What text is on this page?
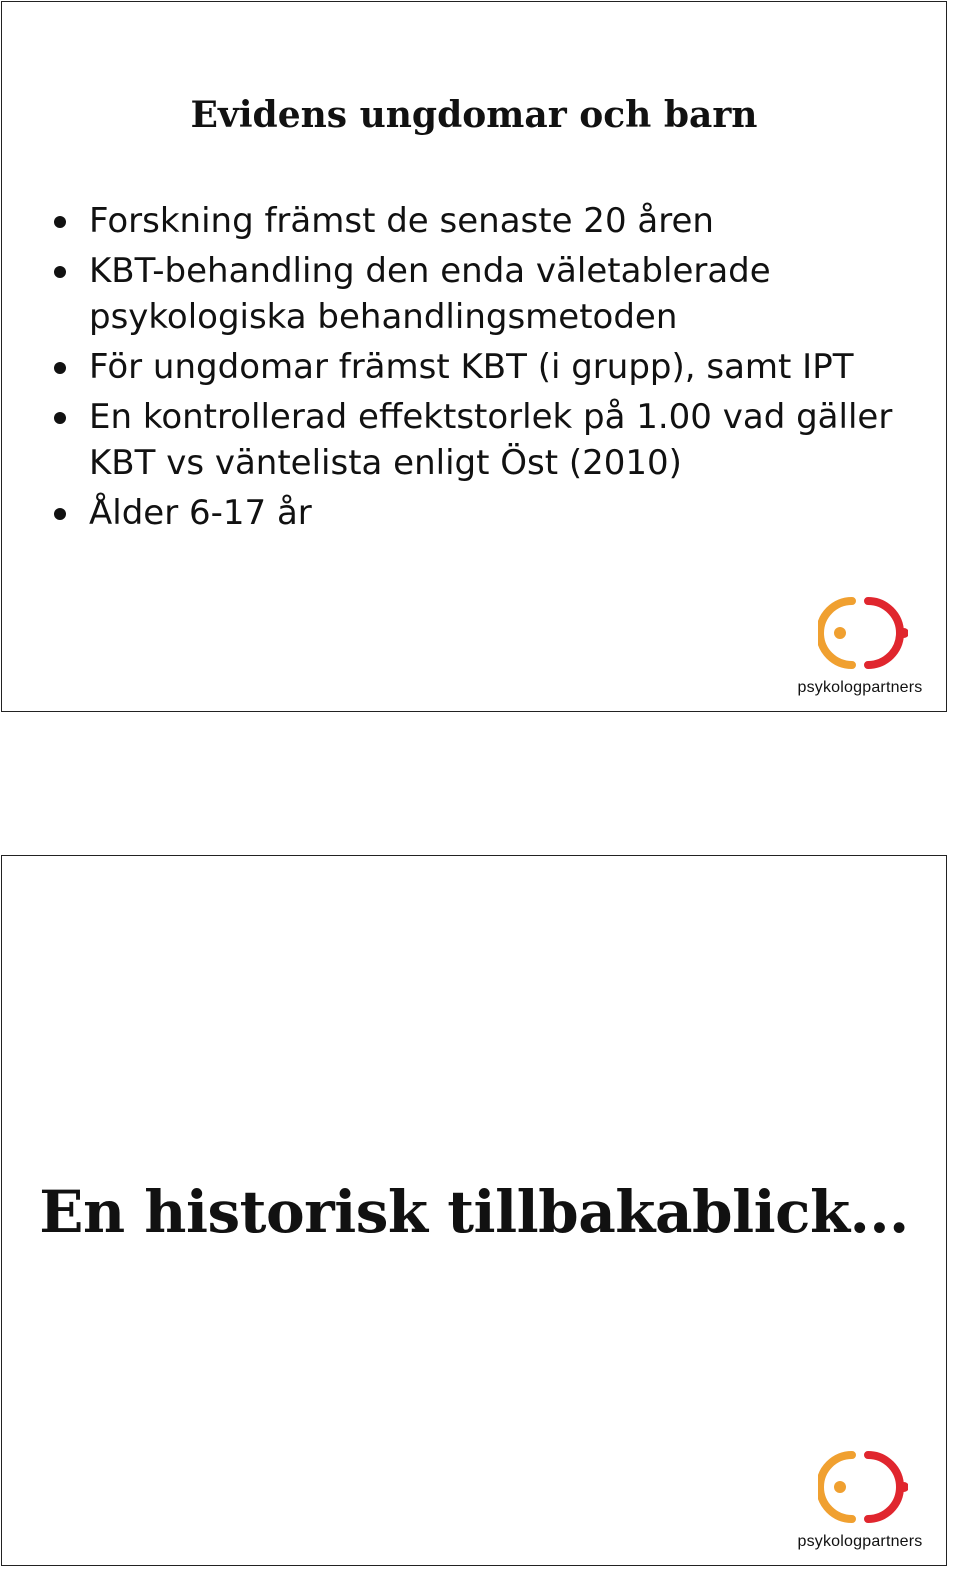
Evidens ungdomar och barn
Forskning främst de senaste 20 åren
KBT-behandling den enda väletablerade psykologiska behandlingsmetoden
För ungdomar främst KBT (i grupp), samt IPT
En kontrollerad effektstorlek på 1.00 vad gäller KBT vs väntelista enligt Öst (2010)
Ålder 6-17 år
psykologpartners
En historisk tillbakablick...
psykologpartners
